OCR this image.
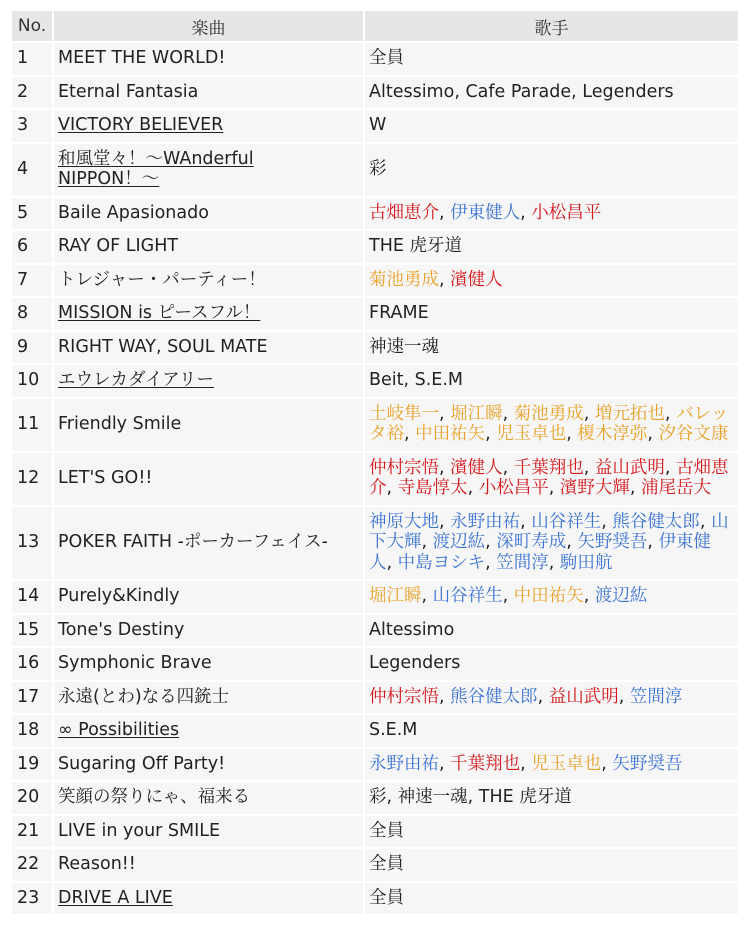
No.	楽曲	歌手
1	MEET THE WORLD!	全員
2	Eternal Fantasia	Altessimo, Cafe Parade, Legenders
3	VICTORY BELIEVER	W
4	和風堂々！〜WAnderful NIPPON！〜	彩
5	Baile Apasionado	古畑恵介, 伊東健人, 小松昌平
6	RAY OF LIGHT	THE 虎牙道
7	トレジャー・パーティー！	菊池勇成, 濱健人
8	MISSION is ピースフル！	FRAME
9	RIGHT WAY, SOUL MATE	神速一魂
10	エウレカダイアリー	Beit, S.E.M
11	Friendly Smile	土岐隼一, 堀江瞬, 菊池勇成, 増元拓也, バレッタ裕, 中田祐矢, 児玉卓也, 榎木淳弥, 汐谷文康
12	LET'S GO!!	仲村宗悟, 濱健人, 千葉翔也, 益山武明, 古畑恵介, 寺島惇太, 小松昌平, 濱野大輝, 浦尾岳大
13	POKER FAITH -ポーカーフェイス-	神原大地, 永野由祐, 山谷祥生, 熊谷健太郎, 山下大輝, 渡辺紘, 深町寿成, 矢野奨吾, 伊東健人, 中島ヨシキ, 笠間淳, 駒田航
14	Purely&Kindly	堀江瞬, 山谷祥生, 中田祐矢, 渡辺紘
15	Tone's Destiny	Altessimo
16	Symphonic Brave	Legenders
17	永遠(とわ)なる四銃士	仲村宗悟, 熊谷健太郎, 益山武明, 笠間淳
18	∞ Possibilities	S.E.M
19	Sugaring Off Party!	永野由祐, 千葉翔也, 児玉卓也, 矢野奨吾
20	笑顔の祭りにゃ、福来る	彩, 神速一魂, THE 虎牙道
21	LIVE in your SMILE	全員
22	Reason!!	全員
23	DRIVE A LIVE	全員
